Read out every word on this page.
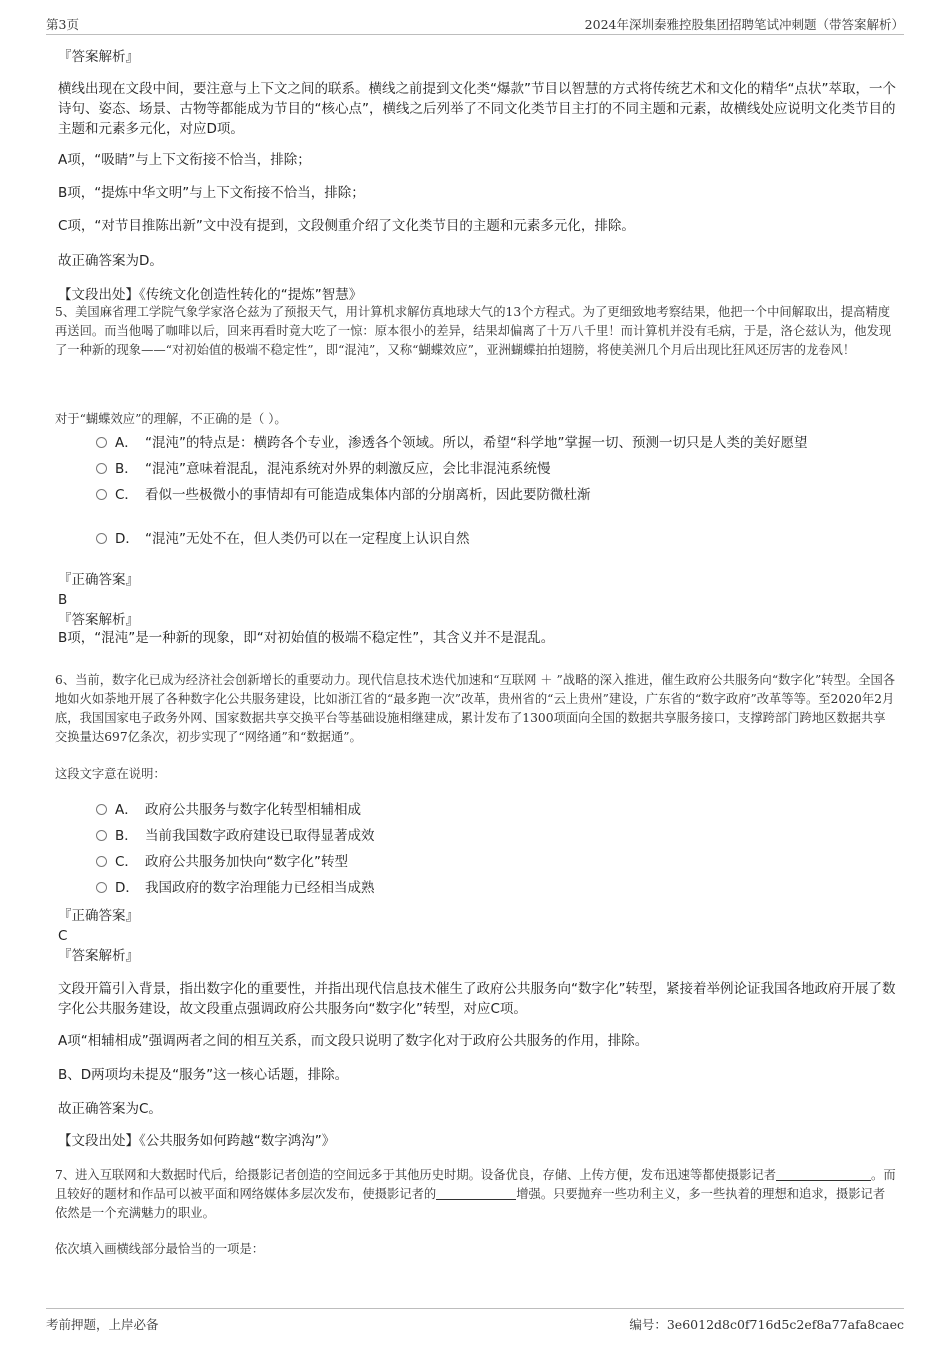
第3页	2024年深圳秦雅控股集团招聘笔试冲刺题（带答案解析）
『答案解析』
横线出现在文段中间，要注意与上下文之间的联系。横线之前提到文化类“爆款”节目以智慧的方式将传统艺术和文化的精华“点状”萃取，一个诗句、姿态、场景、古物等都能成为节目的“核心点”，横线之后列举了不同文化类节目主打的不同主题和元素，故横线处应说明文化类节目的主题和元素多元化，对应D项。
A项，“吸睛”与上下文衔接不恰当，排除；
B项，“提炼中华文明”与上下文衔接不恰当，排除；
C项，“对节目推陈出新”文中没有提到，文段侧重介绍了文化类节目的主题和元素多元化，排除。
故正确答案为D。
【文段出处】《传统文化创造性转化的“提炼”智慧》
5、美国麻省理工学院气象学家洛仑兹为了预报天气，用计算机求解仿真地球大气的13个方程式。为了更细致地考察结果，他把一个中间解取出，提高精度再送回。而当他喝了咖啡以后，回来再看时竟大吃了一惊：原本很小的差异，结果却偏离了十万八千里！而计算机并没有毛病，于是，洛仑兹认为，他发现了一种新的现象——“对初始值的极端不稳定性”，即“混沌”，又称“蝴蝶效应”，亚洲蝴蝶拍拍翅膀，将使美洲几个月后出现比狂风还厉害的龙卷风！
对于“蝴蝶效应”的理解，不正确的是（ ）。
A． “混沌”的特点是：横跨各个专业，渗透各个领域。所以，希望“科学地”掌握一切、预测一切只是人类的美好愿望
B． “混沌”意味着混乱，混沌系统对外界的刺激反应，会比非混沌系统慢
C． 看似一些极微小的事情却有可能造成集体内部的分崩离析，因此要防微杜渐
D． “混沌”无处不在，但人类仍可以在一定程度上认识自然
『正确答案』
B
『答案解析』
B项，“混沌”是一种新的现象，即“对初始值的极端不稳定性”，其含义并不是混乱。
6、当前，数字化已成为经济社会创新增长的重要动力。现代信息技术迭代加速和“互联网 ＋ ”战略的深入推进，催生政府公共服务向“数字化”转型。全国各地如火如荼地开展了各种数字化公共服务建设，比如浙江省的“最多跑一次”改革，贵州省的“云上贵州”建设，广东省的“数字政府”改革等等。至2020年2月底，我国国家电子政务外网、国家数据共享交换平台等基础设施相继建成，累计发布了1300项面向全国的数据共享服务接口，支撑跨部门跨地区数据共享交换量达697亿条次，初步实现了“网络通”和“数据通”。
这段文字意在说明：
A． 政府公共服务与数字化转型相辅相成
B． 当前我国数字政府建设已取得显著成效
C． 政府公共服务加快向“数字化”转型
D． 我国政府的数字治理能力已经相当成熟
『正确答案』
C
『答案解析』
文段开篇引入背景，指出数字化的重要性，并指出现代信息技术催生了政府公共服务向“数字化”转型，紧接着举例论证我国各地政府开展了数字化公共服务建设，故文段重点强调政府公共服务向“数字化”转型，对应C项。
A项“相辅相成”强调两者之间的相互关系，而文段只说明了数字化对于政府公共服务的作用，排除。
B、D两项均未提及“服务”这一核心话题，排除。
故正确答案为C。
【文段出处】《公共服务如何跨越“数字鸿沟”》
7、进入互联网和大数据时代后，给摄影记者创造的空间远多于其他历史时期。设备优良，存储、上传方便，发布迅速等都使摄影记者	。而且较好的题材和作品可以被平面和网络媒体多层次发布，使摄影记者的	增强。只要抛弃一些功利主义，多一些执着的理想和追求，摄影记者依然是一个充满魅力的职业。
依次填入画横线部分最恰当的一项是：
考前押题，上岸必备	编号：3e6012d8c0f716d5c2ef8a77afa8caec
